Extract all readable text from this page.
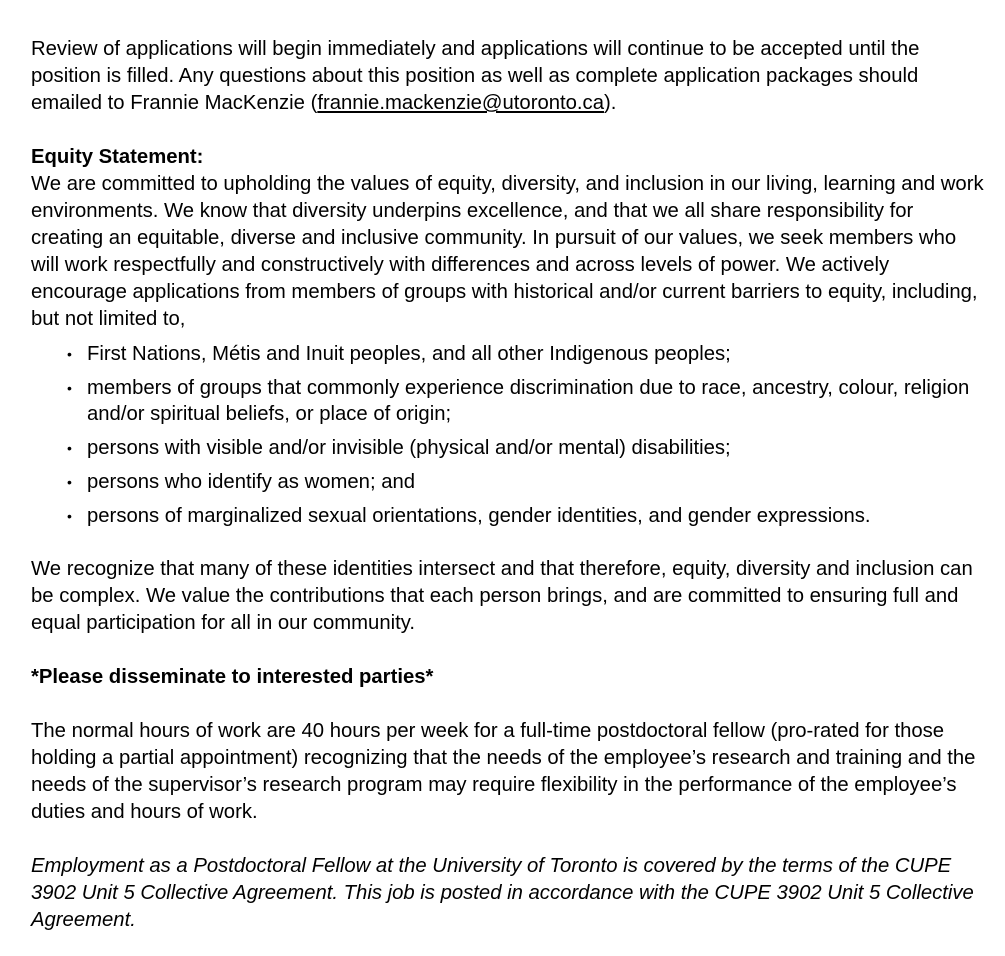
Review of applications will begin immediately and applications will continue to be accepted until the position is filled. Any questions about this position as well as complete application packages should emailed to Frannie MacKenzie (frannie.mackenzie@utoronto.ca).

Equity Statement:

We are committed to upholding the values of equity, diversity, and inclusion in our living, learning and work environments. We know that diversity underpins excellence, and that we all share responsibility for creating an equitable, diverse and inclusive community. In pursuit of our values, we seek members who will work respectfully and constructively with differences and across levels of power. We actively encourage applications from members of groups with historical and/or current barriers to equity, including, but not limited to,

• First Nations, Métis and Inuit peoples, and all other Indigenous peoples;
• members of groups that commonly experience discrimination due to race, ancestry, colour, religion and/or spiritual beliefs, or place of origin;
• persons with visible and/or invisible (physical and/or mental) disabilities;
• persons who identify as women; and
• persons of marginalized sexual orientations, gender identities, and gender expressions.

We recognize that many of these identities intersect and that therefore, equity, diversity and inclusion can be complex. We value the contributions that each person brings, and are committed to ensuring full and equal participation for all in our community.

*Please disseminate to interested parties*

The normal hours of work are 40 hours per week for a full-time postdoctoral fellow (pro-rated for those holding a partial appointment) recognizing that the needs of the employee’s research and training and the needs of the supervisor’s research program may require flexibility in the performance of the employee’s duties and hours of work.

Employment as a Postdoctoral Fellow at the University of Toronto is covered by the terms of the CUPE 3902 Unit 5 Collective Agreement. This job is posted in accordance with the CUPE 3902 Unit 5 Collective Agreement.
